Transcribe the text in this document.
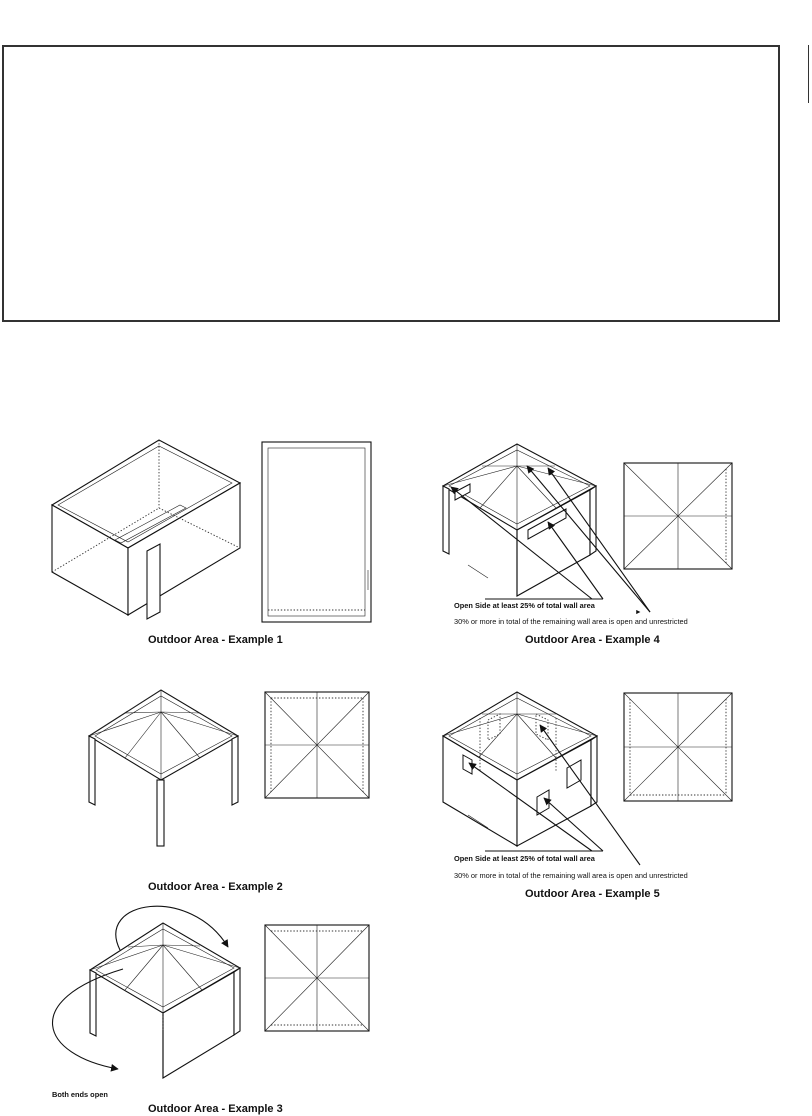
Outdoor Area - Example 1
Outdoor Area - Example 2
Both ends open
Outdoor Area - Example 3
Open Side at least 25% of total wall area
30% or more in total of the remaining wall area is open and unrestricted
Outdoor Area - Example 4
Open Side at least 25% of total wall area
30% or more in total of the remaining wall area is open and unrestricted
Outdoor Area - Example 5
